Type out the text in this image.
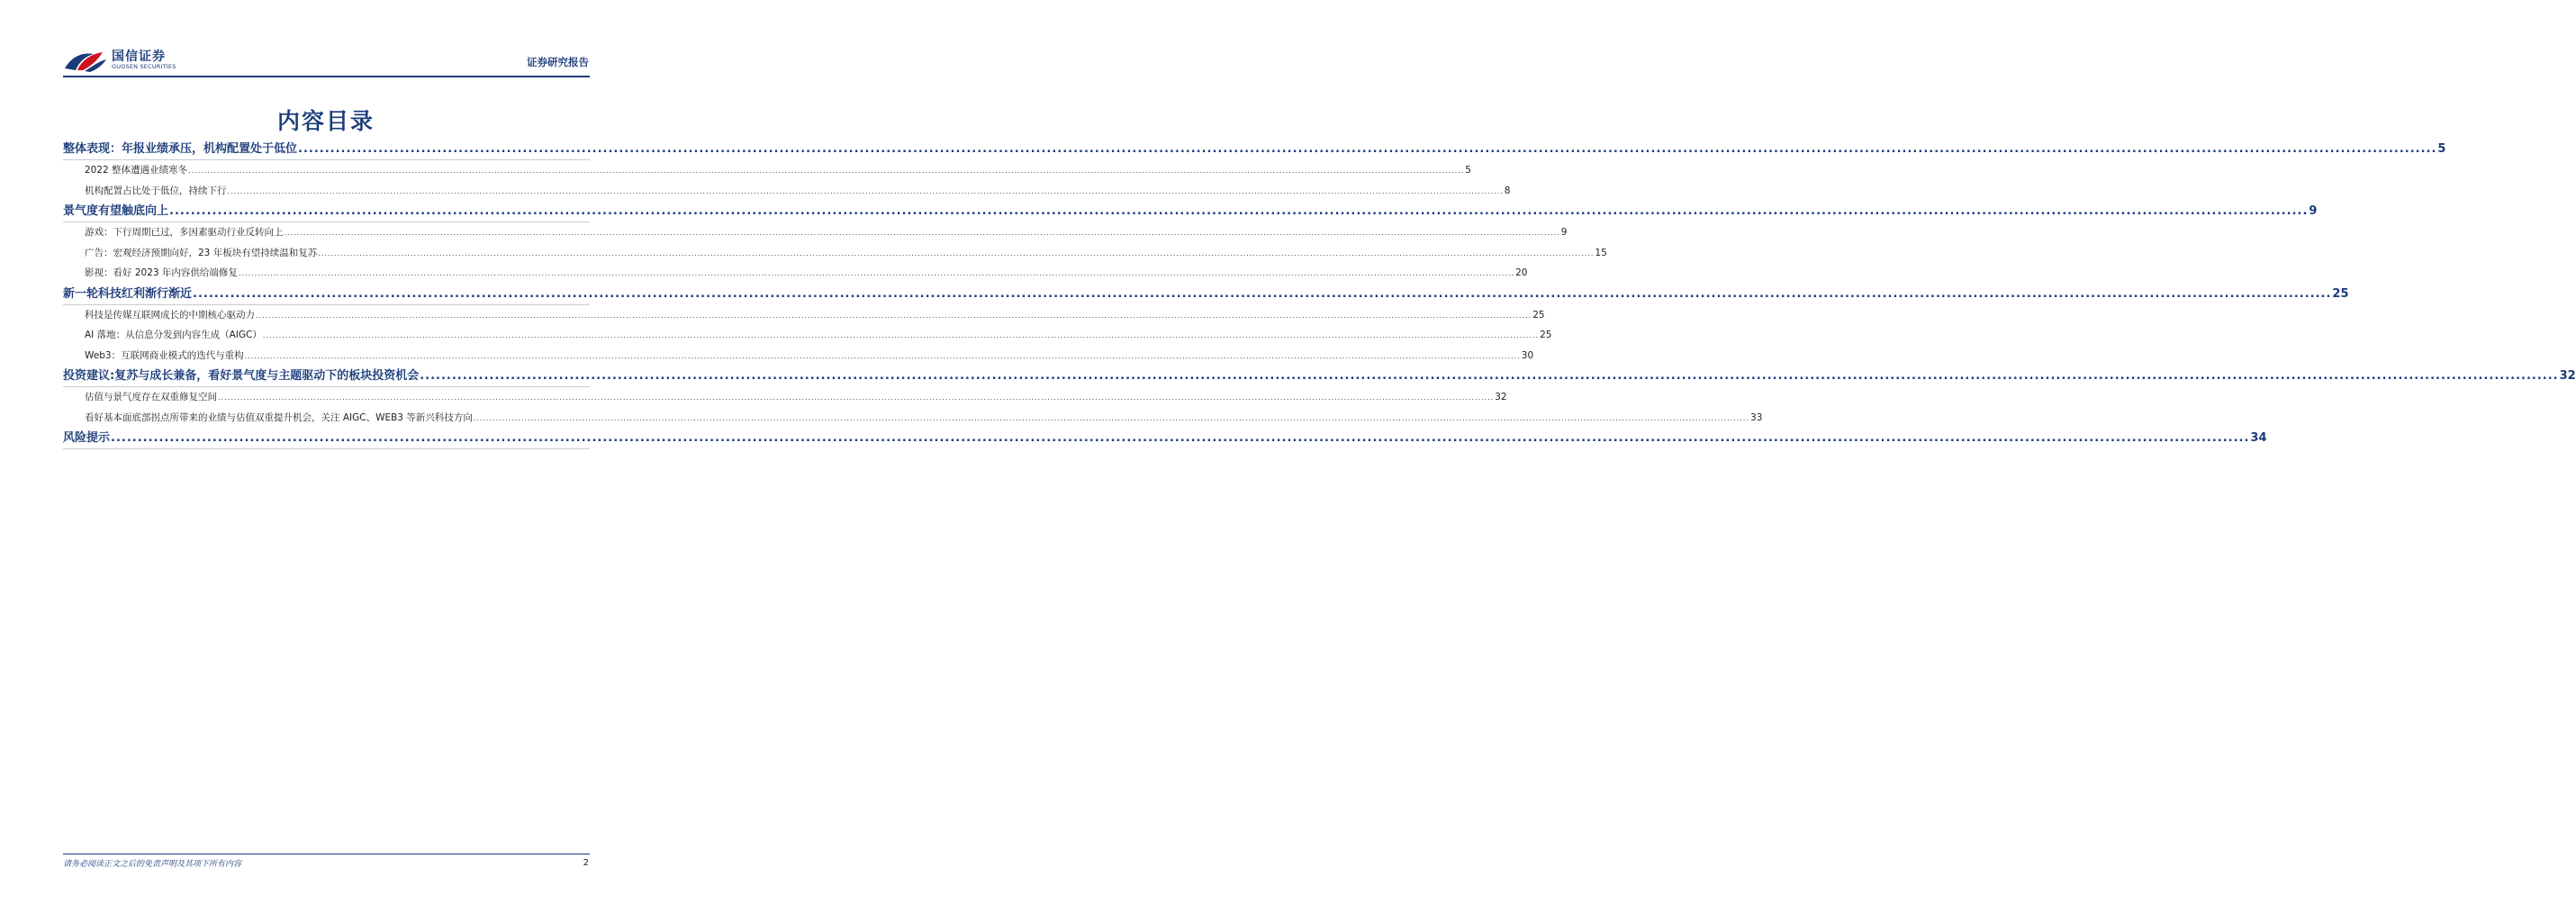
国信证券
GUOSEN SECURITIES	证券研究报告
内容目录
整体表现：年报业绩承压，机构配置处于低位 ................................................................................................................................................................................................................................................................................................................................................................................................................ 5
2022 整体遭遇业绩寒冬 ................................................................................................................................................................................................................................................................................................................................................................................................................ 5
机构配置占比处于低位，持续下行 ................................................................................................................................................................................................................................................................................................................................................................................................................ 8
景气度有望触底向上 ................................................................................................................................................................................................................................................................................................................................................................................................................ 9
游戏：下行周期已过，多因素驱动行业反转向上 ................................................................................................................................................................................................................................................................................................................................................................................................................ 9
广告：宏观经济预期向好，23 年板块有望持续温和复苏 ................................................................................................................................................................................................................................................................................................................................................................................................................ 15
影视：看好 2023 年内容供给端修复 ................................................................................................................................................................................................................................................................................................................................................................................................................ 20
新一轮科技红利渐行渐近 ................................................................................................................................................................................................................................................................................................................................................................................................................ 25
科技是传媒互联网成长的中期核心驱动力 ................................................................................................................................................................................................................................................................................................................................................................................................................ 25
AI 落地：从信息分发到内容生成（AIGC） ................................................................................................................................................................................................................................................................................................................................................................................................................ 25
Web3：互联网商业模式的迭代与重构 ................................................................................................................................................................................................................................................................................................................................................................................................................ 30
投资建议:复苏与成长兼备，看好景气度与主题驱动下的板块投资机会 ................................................................................................................................................................................................................................................................................................................................................................................................................ 32
估值与景气度存在双重修复空间 ................................................................................................................................................................................................................................................................................................................................................................................................................ 32
看好基本面底部拐点所带来的业绩与估值双重提升机会，关注 AIGC、WEB3 等新兴科技方向 ................................................................................................................................................................................................................................................................................................................................................................................................................ 33
风险提示 ................................................................................................................................................................................................................................................................................................................................................................................................................ 34
请务必阅读正文之后的免责声明及其项下所有内容	2
